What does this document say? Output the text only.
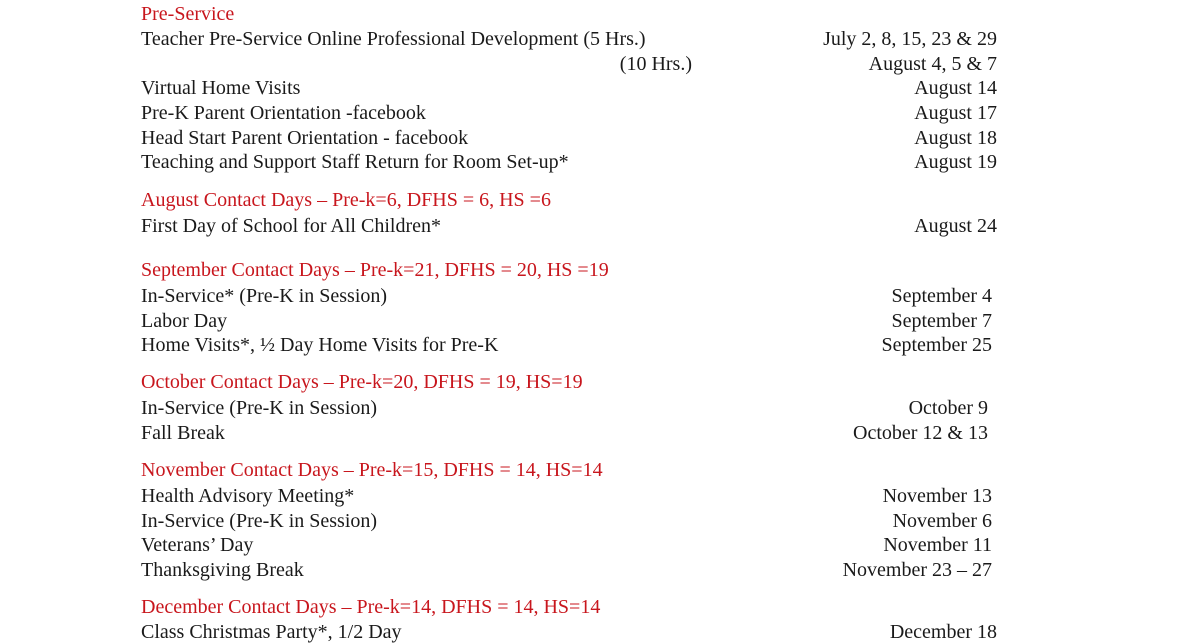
Pre-Service
Teacher Pre-Service Online Professional Development (5 Hrs.)	July 2, 8, 15, 23 & 29
(10 Hrs.)	August 4, 5 & 7
Virtual Home Visits	August 14
Pre-K Parent Orientation -facebook	August 17
Head Start Parent Orientation - facebook	August 18
Teaching and Support Staff Return for Room Set-up*	August 19
August Contact Days – Pre-k=6, DFHS = 6, HS =6
First Day of School for All Children*	August 24
September Contact Days – Pre-k=21, DFHS = 20, HS =19
In-Service* (Pre-K in Session)	September 4
Labor Day	September 7
Home Visits*, ½ Day Home Visits for Pre-K	September 25
October Contact Days – Pre-k=20, DFHS = 19, HS=19
In-Service (Pre-K in Session)	October 9
Fall Break	October 12 & 13
November Contact Days – Pre-k=15, DFHS = 14, HS=14
Health Advisory Meeting*	November 13
In-Service (Pre-K in Session)	November 6
Veterans’ Day	November 11
Thanksgiving Break	November 23 – 27
December Contact Days – Pre-k=14, DFHS = 14, HS=14
Class Christmas Party*, 1/2 Day	December 18
